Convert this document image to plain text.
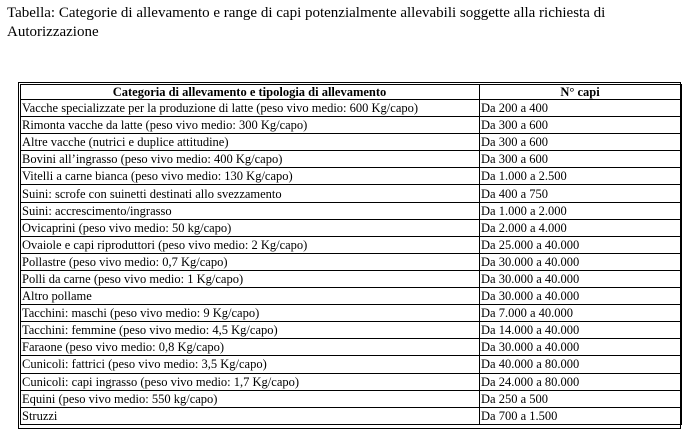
Tabella: Categorie di allevamento e range di capi potenzialmente allevabili soggette alla richiesta di Autorizzazione

Categoria di allevamento e tipologia di allevamento	N° capi
Vacche specializzate per la produzione di latte (peso vivo medio: 600 Kg/capo)	Da 200 a 400
Rimonta vacche da latte (peso vivo medio: 300 Kg/capo)	Da 300 a 600
Altre vacche (nutrici e duplice attitudine)	Da 300 a 600
Bovini all’ingrasso (peso vivo medio: 400 Kg/capo)	Da 300 a 600
Vitelli a carne bianca (peso vivo medio: 130 Kg/capo)	Da 1.000 a 2.500
Suini: scrofe con suinetti destinati allo svezzamento	Da 400 a 750
Suini: accrescimento/ingrasso	Da 1.000 a 2.000
Ovicaprini (peso vivo medio: 50 kg/capo)	Da 2.000 a 4.000
Ovaiole e capi riproduttori (peso vivo medio: 2 Kg/capo)	Da 25.000 a 40.000
Pollastre (peso vivo medio: 0,7 Kg/capo)	Da 30.000 a 40.000
Polli da carne (peso vivo medio: 1 Kg/capo)	Da 30.000 a 40.000
Altro pollame	Da 30.000 a 40.000
Tacchini: maschi (peso vivo medio: 9 Kg/capo)	Da 7.000 a 40.000
Tacchini: femmine (peso vivo medio: 4,5 Kg/capo)	Da 14.000 a 40.000
Faraone (peso vivo medio: 0,8 Kg/capo)	Da 30.000 a 40.000
Cunicoli: fattrici (peso vivo medio: 3,5 Kg/capo)	Da 40.000 a 80.000
Cunicoli: capi ingrasso (peso vivo medio: 1,7 Kg/capo)	Da 24.000 a 80.000
Equini (peso vivo medio: 550 kg/capo)	Da 250 a 500
Struzzi	Da 700 a 1.500
